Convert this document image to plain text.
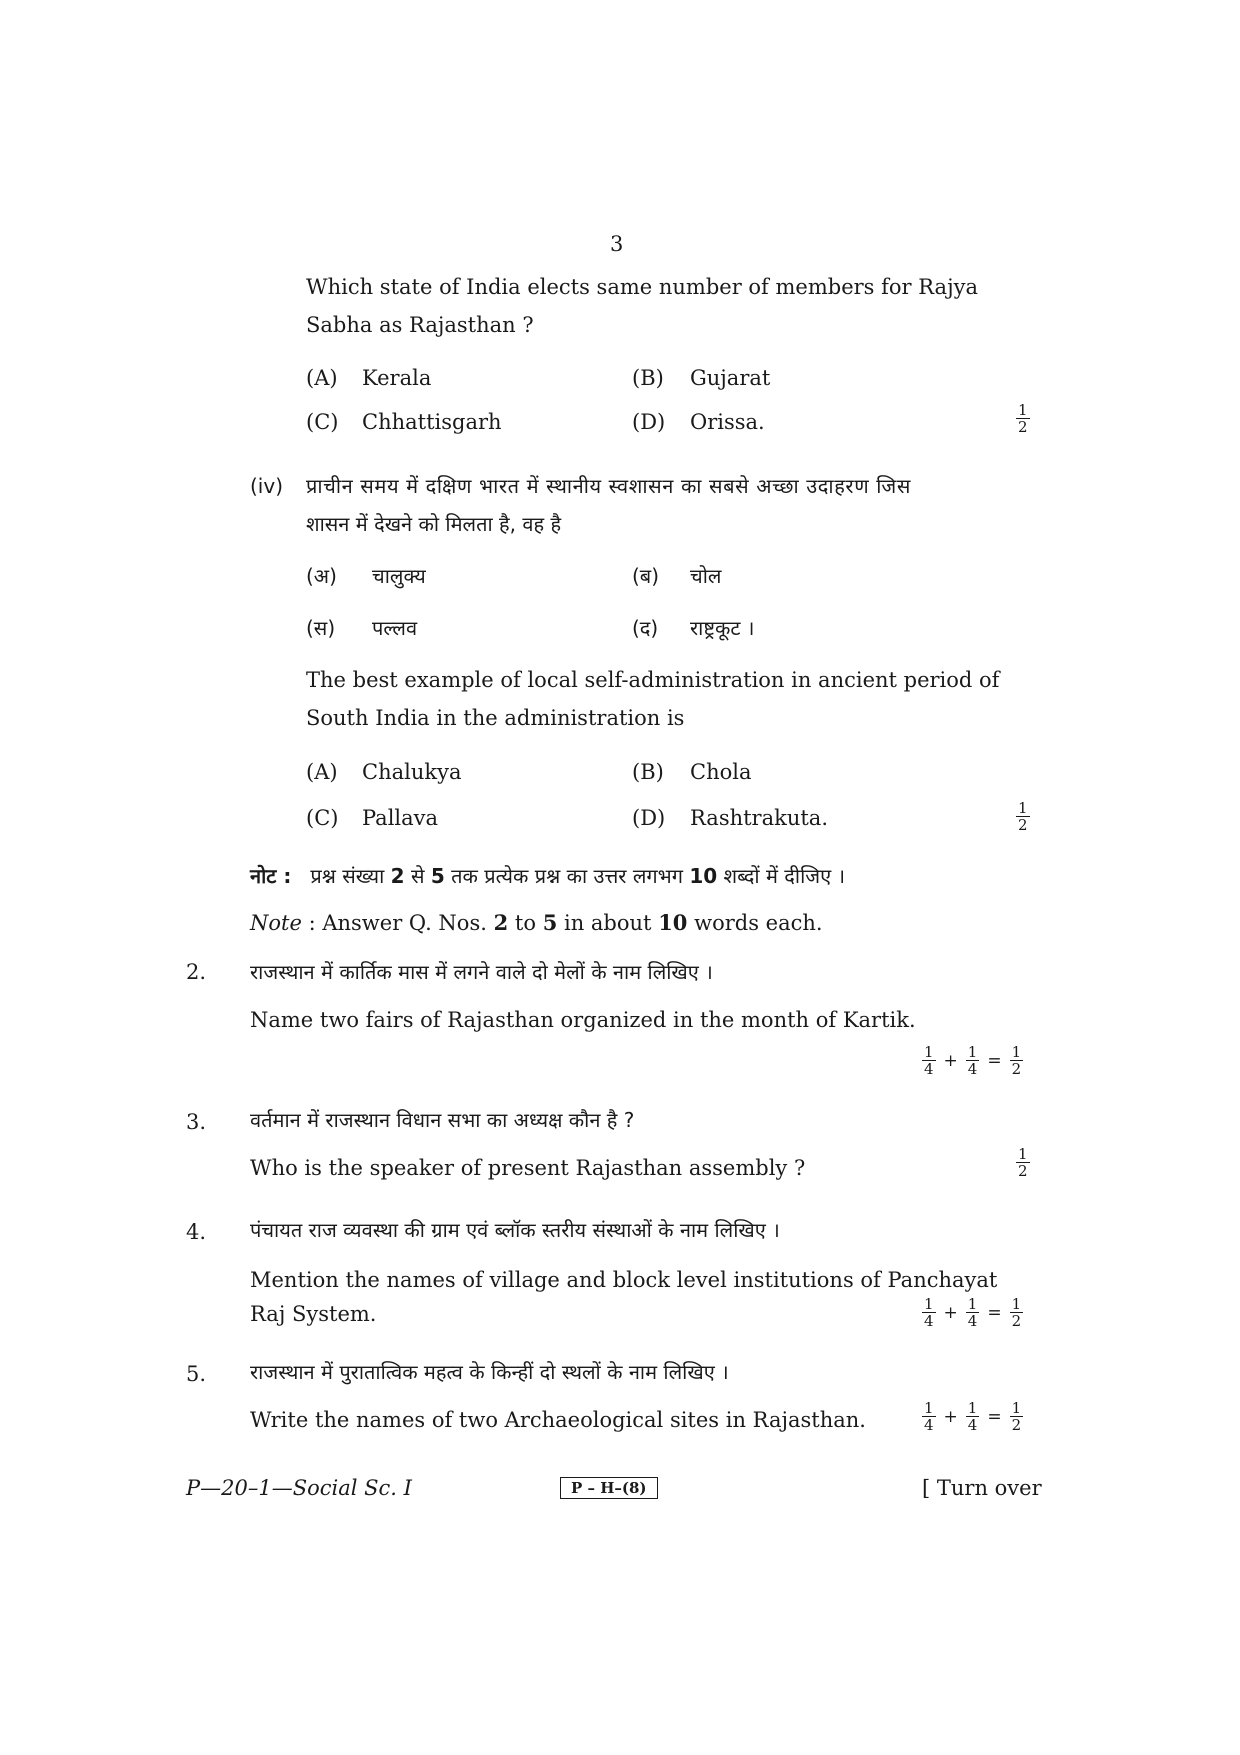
3
Which state of India elects same number of members for Rajya
Sabha as Rajasthan ?
(A) Kerala	(B) Gujarat
(C) Chhattisgarh	(D) Orissa.	$\frac{1}{2}$
(iv) प्राचीन समय में दक्षिण भारत में स्थानीय स्वशासन का सबसे अच्छा उदाहरण जिस
शासन में देखने को मिलता है, वह है
(अ) चालुक्य	(ब) चोल
(स) पल्लव	(द) राष्ट्रकूट ।
The best example of local self-administration in ancient period of
South India in the administration is
(A) Chalukya	(B) Chola
(C) Pallava	(D) Rashtrakuta.	$\frac{1}{2}$
नोट : प्रश्न संख्या 2 से 5 तक प्रत्येक प्रश्न का उत्तर लगभग 10 शब्दों में दीजिए ।
Note : Answer Q. Nos. 2 to 5 in about 10 words each.
2. राजस्थान में कार्तिक मास में लगने वाले दो मेलों के नाम लिखिए ।
Name two fairs of Rajasthan organized in the month of Kartik.
$\frac{1}{4} + \frac{1}{4} = \frac{1}{2}$
3. वर्तमान में राजस्थान विधान सभा का अध्यक्ष कौन है ?
Who is the speaker of present Rajasthan assembly ?	$\frac{1}{2}$
4. पंचायत राज व्यवस्था की ग्राम एवं ब्लॉक स्तरीय संस्थाओं के नाम लिखिए ।
Mention the names of village and block level institutions of Panchayat
Raj System.	$\frac{1}{4} + \frac{1}{4} = \frac{1}{2}$
5. राजस्थान में पुरातात्विक महत्व के किन्हीं दो स्थलों के नाम लिखिए ।
Write the names of two Archaeological sites in Rajasthan.	$\frac{1}{4} + \frac{1}{4} = \frac{1}{2}$
P—20–1—Social Sc. I	P – H–(8)	[ Turn over
